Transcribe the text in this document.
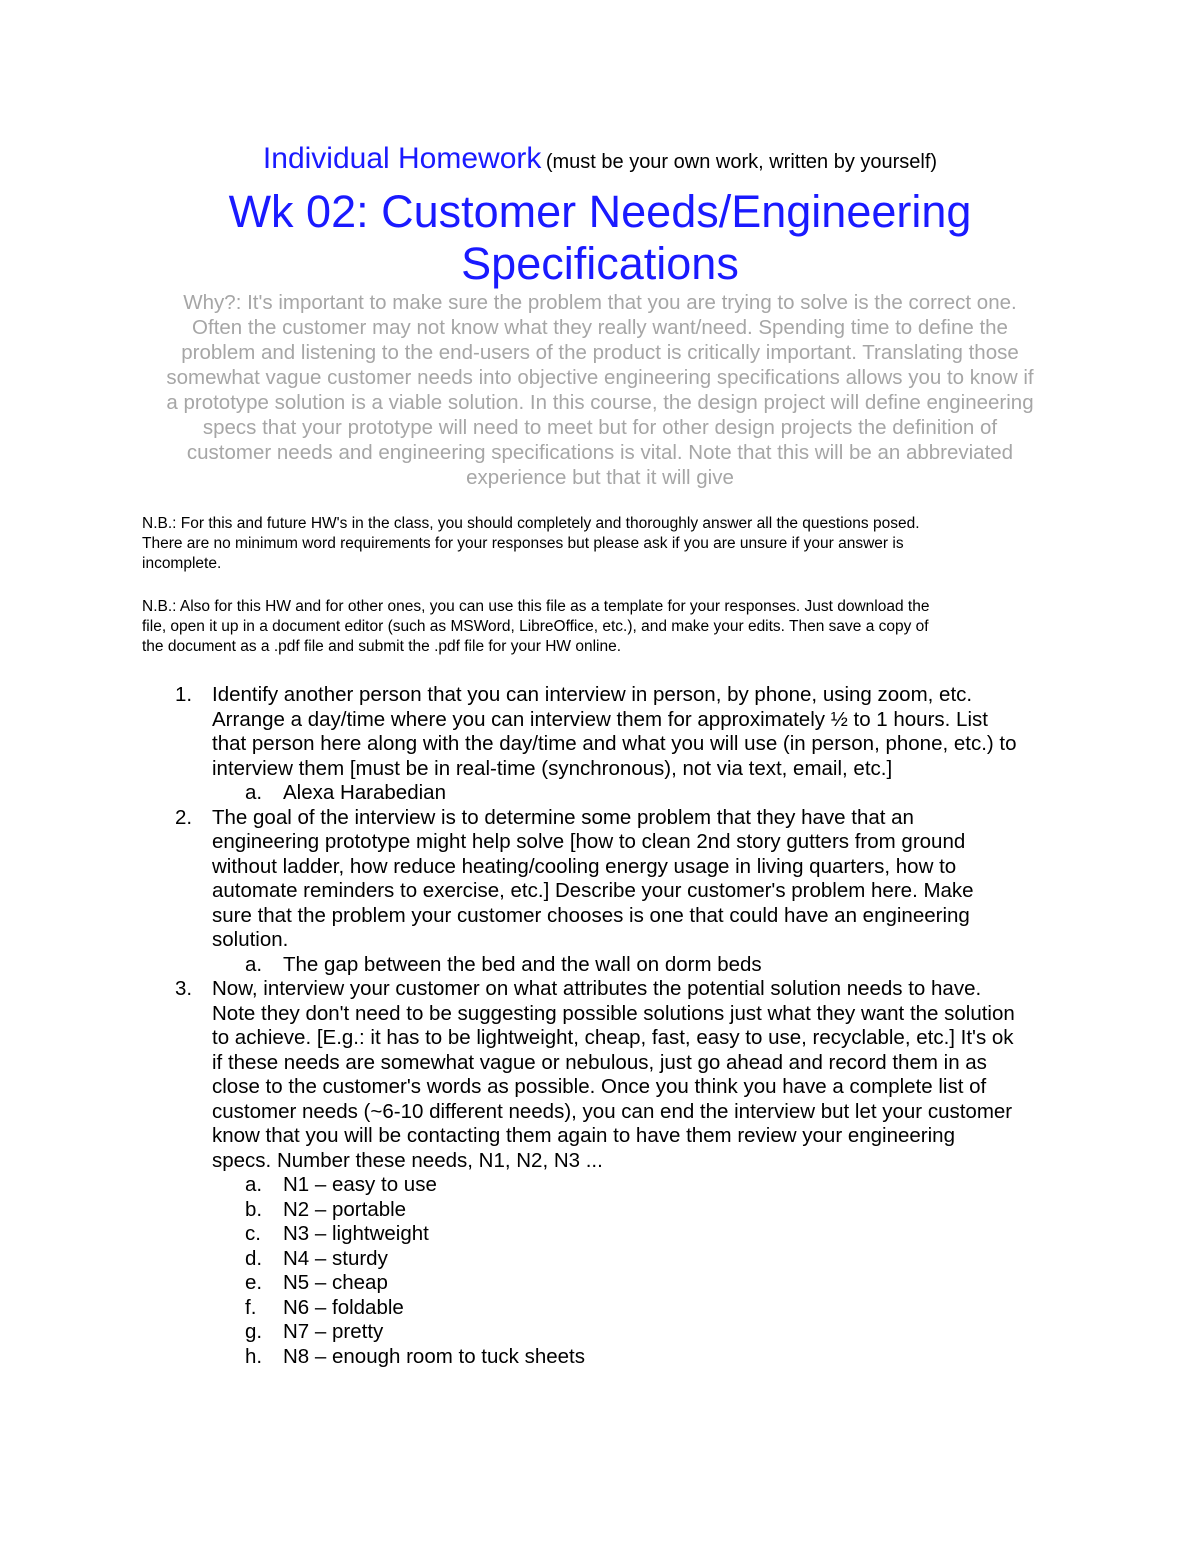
Individual Homework (must be your own work, written by yourself)
Wk 02: Customer Needs/Engineering
Specifications
Why?: It's important to make sure the problem that you are trying to solve is the correct one.
Often the customer may not know what they really want/need. Spending time to define the
problem and listening to the end-users of the product is critically important. Translating those
somewhat vague customer needs into objective engineering specifications allows you to know if
a prototype solution is a viable solution. In this course, the design project will define engineering
specs that your prototype will need to meet but for other design projects the definition of
customer needs and engineering specifications is vital. Note that this will be an abbreviated
experience but that it will give
N.B.: For this and future HW's in the class, you should completely and thoroughly answer all the questions posed.
There are no minimum word requirements for your responses but please ask if you are unsure if your answer is
incomplete.
N.B.: Also for this HW and for other ones, you can use this file as a template for your responses. Just download the
file, open it up in a document editor (such as MSWord, LibreOffice, etc.), and make your edits. Then save a copy of
the document as a .pdf file and submit the .pdf file for your HW online.
1. Identify another person that you can interview in person, by phone, using zoom, etc.
Arrange a day/time where you can interview them for approximately ½ to 1 hours. List
that person here along with the day/time and what you will use (in person, phone, etc.) to
interview them [must be in real-time (synchronous), not via text, email, etc.]
a. Alexa Harabedian
2. The goal of the interview is to determine some problem that they have that an
engineering prototype might help solve [how to clean 2nd story gutters from ground
without ladder, how reduce heating/cooling energy usage in living quarters, how to
automate reminders to exercise, etc.] Describe your customer's problem here. Make
sure that the problem your customer chooses is one that could have an engineering
solution.
a. The gap between the bed and the wall on dorm beds
3. Now, interview your customer on what attributes the potential solution needs to have.
Note they don't need to be suggesting possible solutions just what they want the solution
to achieve. [E.g.: it has to be lightweight, cheap, fast, easy to use, recyclable, etc.] It's ok
if these needs are somewhat vague or nebulous, just go ahead and record them in as
close to the customer's words as possible. Once you think you have a complete list of
customer needs (~6-10 different needs), you can end the interview but let your customer
know that you will be contacting them again to have them review your engineering
specs. Number these needs, N1, N2, N3 ...
a. N1 – easy to use
b. N2 – portable
c. N3 – lightweight
d. N4 – sturdy
e. N5 – cheap
f. N6 – foldable
g. N7 – pretty
h. N8 – enough room to tuck sheets
